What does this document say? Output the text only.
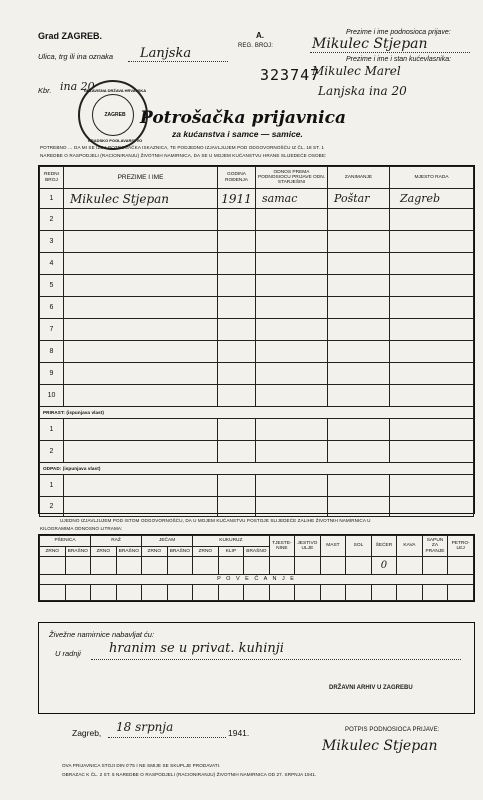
Grad ZAGREB.	A.
REG. BROJ:
323747
Ulica, trg ili ina oznaka Lanjska
Kbr. ina 20
Prezime i ime podnosioca prijave:
Mikulec Stjepan
Prezime i ime i stan kućevlasnika:
Mikulec Marel
Lanjska ina 20
NEZAVISNA DRŽAVA HRVATSKA
ZAGREB
GRADSKO POGLAVARSTVO
Potrošačka prijavnica
za kućanstva i samce — samice.
POTREBNO … DA MI SE IZDA POTROŠAČKA ISKAZNICA, TE PODJEDNO IZJAVLJUJEM POD ODGOVORNOŠĆU IZ ČL. 18 ST. 1
NAREDBE O RASPODJELI (RACIONIRANJU) ŽIVOTNIH NAMIRNICA, DA SE U MOJEM KUĆANSTVU HRANE SLIJEDEĆE OSOBE:
REDNI BROJ	PREZIME I IME	GODINA ROĐENJA	ODNOS PREMA PODNOSIOCU PRIJAVE ODN. STARJEŠINI	ZANIMANJE	MJESTO RADA
1	Mikulec Stjepan	1911	samac	Poštar	Zagreb
2					
3					
4					
5					
6					
7					
8					
9					
10					
PRIRAST: (ispunjava vlast)					
1					
2					
ODPAD: (ispunjava vlast)					
1					
2					
UJEDNO IZJAVLJUJEM POD ISTOM ODGOVORNOŠĆU, DA U MOJEM KUĆANSTVU POSTOJE SLIJEDEĆE ZALIHE ŽIVOTNIH NAMIRNICA U
KILOGRAMIMA ODNOSNO LITRAMA:
PŠENICA		RAŽ		JEČAM		KUKURUZ			TJESTE-NINE	JESTIVO ULJE	MAST	SOL	ŠEĆER	KAVA	SAPUN ZA PRANJE	PETRO-LEJ
ZRNO	BRAŠNO	ZRNO	BRAŠNO	ZRNO	BRAŠNO	ZRNO	KLIP	BRAŠNO								
													0			
P O V E Ć A N J E																

Živežne namirnice nabavljat ću:
U radnji hranim se u privat. kuhinji
DRŽAVNI ARHIV U ZAGREBU
Zagreb, 18 srpnja	1941.	POTPIS PODNOSIOCA PRIJAVE:
Mikulec Stjepan
OVA PRIJAVNICA STOJI DIN 0'75 I NE SMIJE SE SKUPLJE PRODAVATI.
OBRAZAC K ČL. 2 ST. 5 NAREDBE O RASPODJELI (RACIONIRANJU) ŽIVOTNIH NAMIRNICA OD 27. SRPNJA 1941.
